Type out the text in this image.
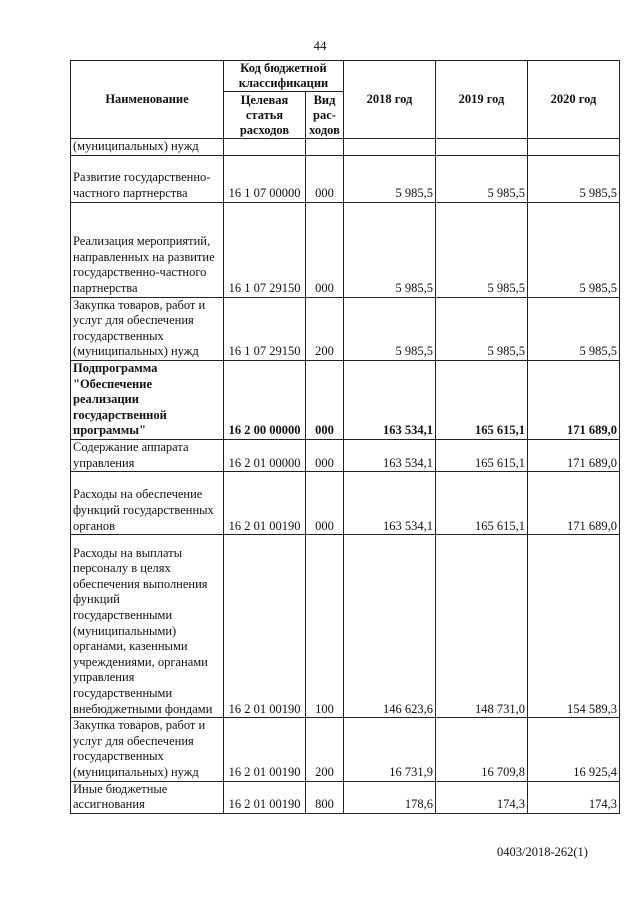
44
Наименование	Код бюджетной классификации		2018 год	2019 год	2020 год
	Целевая статья расходов	Вид рас-ходов			
(муниципальных) нужд					
Развитие государственно-частного партнерства	16 1 07 00000	000	5 985,5	5 985,5	5 985,5
Реализация мероприятий, направленных на развитие государственно-частного партнерства	16 1 07 29150	000	5 985,5	5 985,5	5 985,5
Закупка товаров, работ и услуг для обеспечения государственных (муниципальных) нужд	16 1 07 29150	200	5 985,5	5 985,5	5 985,5
Подпрограмма "Обеспечение реализации государственной программы"	16 2 00 00000	000	163 534,1	165 615,1	171 689,0
Содержание аппарата управления	16 2 01 00000	000	163 534,1	165 615,1	171 689,0
Расходы на обеспечение функций государственных органов	16 2 01 00190	000	163 534,1	165 615,1	171 689,0
Расходы на выплаты персоналу в целях обеспечения выполнения функций государственными (муниципальными) органами, казенными учреждениями, органами управления государственными внебюджетными фондами	16 2 01 00190	100	146 623,6	148 731,0	154 589,3
Закупка товаров, работ и услуг для обеспечения государственных (муниципальных) нужд	16 2 01 00190	200	16 731,9	16 709,8	16 925,4
Иные бюджетные ассигнования	16 2 01 00190	800	178,6	174,3	174,3
0403/2018-262(1)
